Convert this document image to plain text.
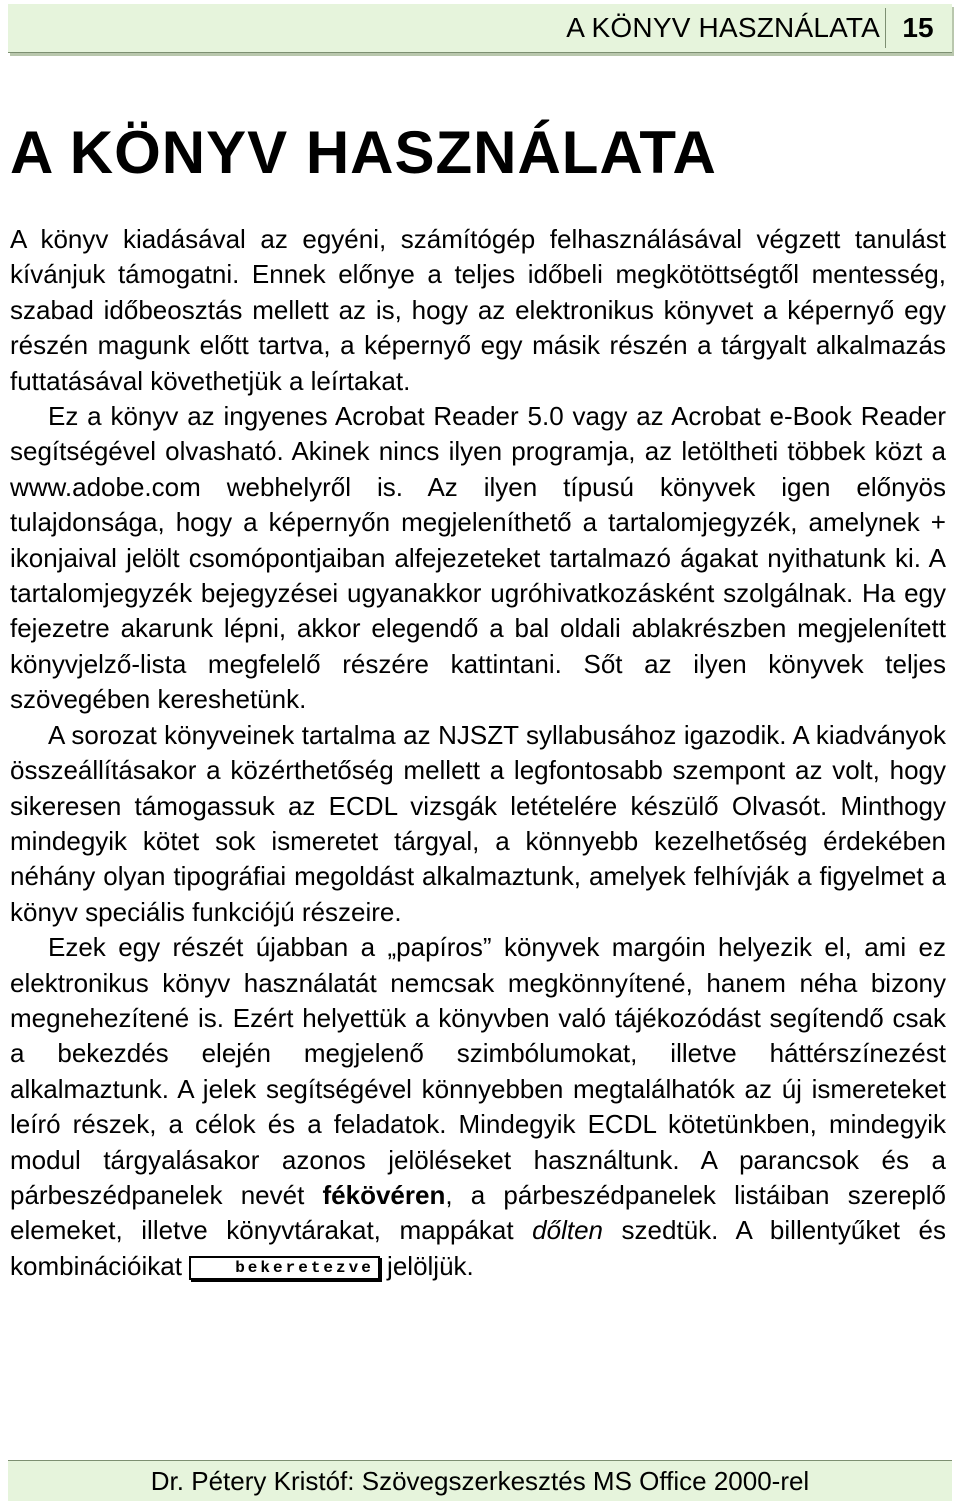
A KÖNYV HASZNÁLATA 15
A KÖNYV HASZNÁLATA

A könyv kiadásával az egyéni, számítógép felhasználásával végzett tanulást kívánjuk támogatni. Ennek előnye a teljes időbeli megkötöttségtől mentesség, szabad időbeosztás mellett az is, hogy az elektronikus könyvet a képernyő egy részén magunk előtt tartva, a képernyő egy másik részén a tárgyalt alkalmazás futtatásával követhetjük a leírtakat.

Ez a könyv az ingyenes Acrobat Reader 5.0 vagy az Acrobat e-Book Reader segítségével olvasható. Akinek nincs ilyen programja, az letöltheti többek közt a www.adobe.com webhelyről is. Az ilyen típusú könyvek igen előnyös tulajdonsága, hogy a képernyőn megjeleníthető a tartalomjegyzék, amelynek + ikonjaival jelölt csomópontjaiban alfejezeteket tartalmazó ágakat nyithatunk ki. A tartalomjegyzék bejegyzései ugyanakkor ugróhivatkozásként szolgálnak. Ha egy fejezetre akarunk lépni, akkor elegendő a bal oldali ablakrészben megjelenített könyvjelző-lista megfelelő részére kattintani. Sőt az ilyen könyvek teljes szövegében kereshetünk.

A sorozat könyveinek tartalma az NJSZT syllabusához igazodik. A kiadványok összeállításakor a közérthetőség mellett a legfontosabb szempont az volt, hogy sikeresen támogassuk az ECDL vizsgák letételére készülő Olvasót. Minthogy mindegyik kötet sok ismeretet tárgyal, a könnyebb kezelhetőség érdekében néhány olyan tipográfiai megoldást alkalmaztunk, amelyek felhívják a figyelmet a könyv speciális funkciójú részeire.

Ezek egy részét újabban a „papíros” könyvek margóin helyezik el, ami ez elektronikus könyv használatát nemcsak megkönnyítené, hanem néha bizony megnehezítené is. Ezért helyettük a könyvben való tájékozódást segítendő csak a bekezdés elején megjelenő szimbólumokat, illetve háttérszínezést alkalmaztunk. A jelek segítségével könnyebben megtalálhatók az új ismereteket leíró részek, a célok és a feladatok. Mindegyik ECDL kötetünkben, mindegyik modul tárgyalásakor azonos jelöléseket használtunk. A parancsok és a párbeszédpanelek nevét fékövéren, a párbeszédpanelek listáiban szereplő elemeket, illetve könyvtárakat, mappákat dőlten szedtük. A billentyűket és kombinációikat	bekeretezve jelöljük.

Dr. Pétery Kristóf: Szövegszerkesztés MS Office 2000-rel
